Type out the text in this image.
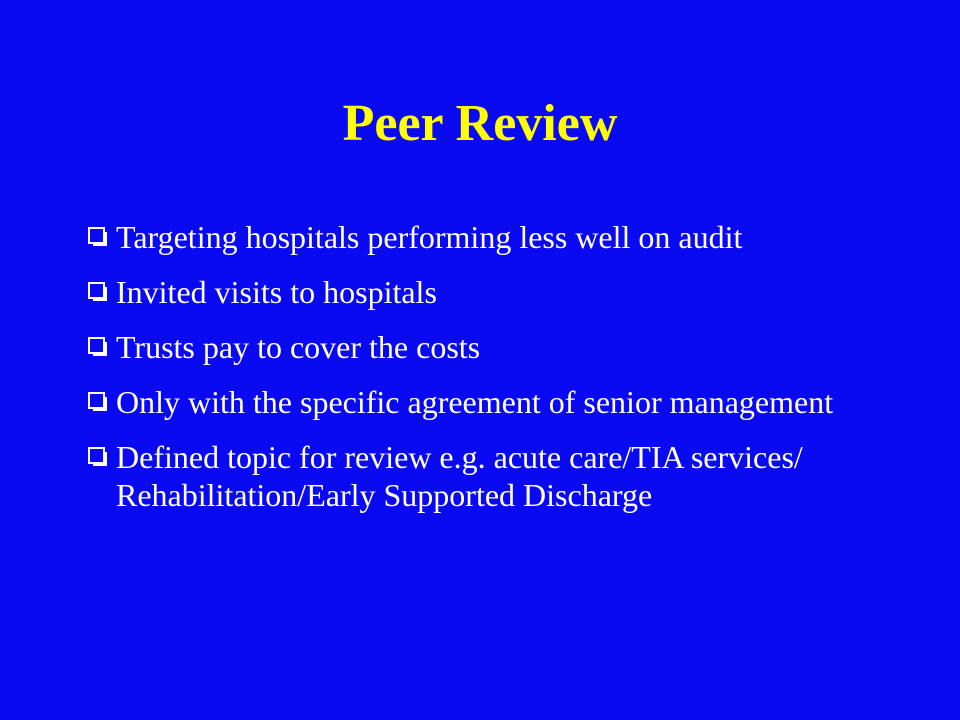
Peer Review
Targeting hospitals performing less well on audit
Invited visits to hospitals
Trusts pay to cover the costs
Only with the specific agreement of senior management
Defined topic for review e.g. acute care/TIA services/ Rehabilitation/Early Supported Discharge
